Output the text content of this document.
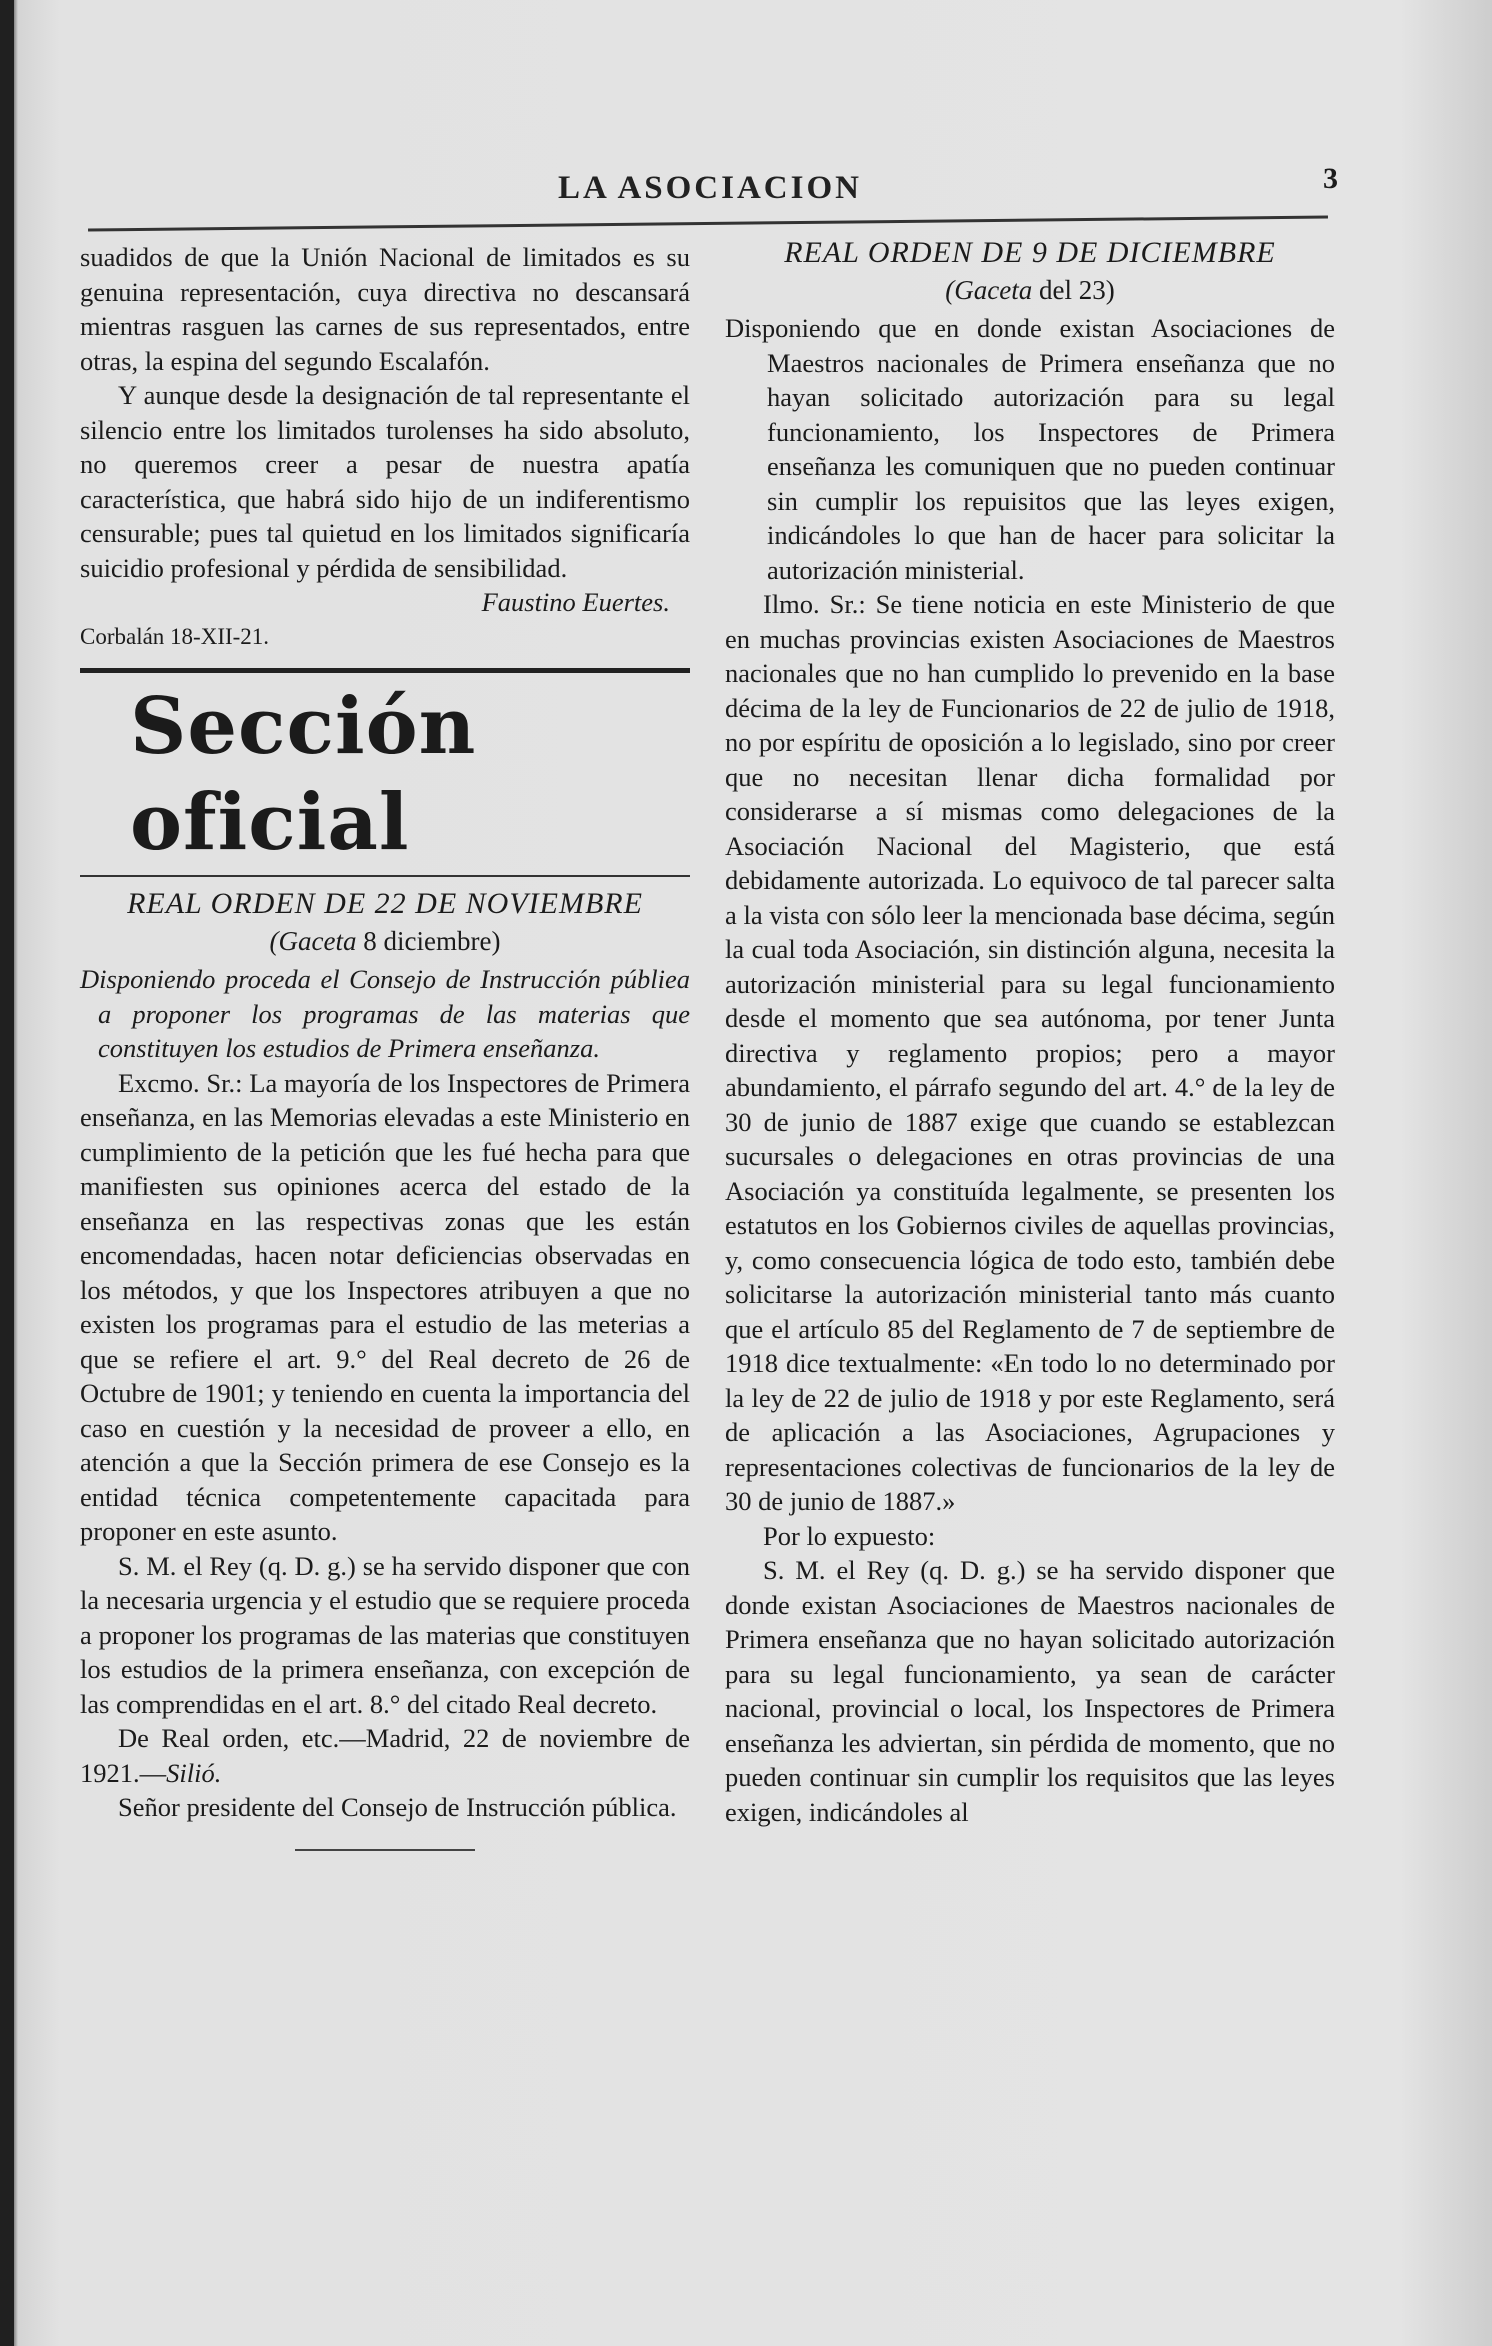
LA ASOCIACION	3

suadidos de que la Unión Nacional de limitados es su genuina representación, cuya directiva no descansará mientras rasguen las carnes de sus representados, entre otras, la espina del segundo Escalafón.

Y aunque desde la designación de tal representante el silencio entre los limitados turolenses ha sido absoluto, no queremos creer a pesar de nuestra apatía característica, que habrá sido hijo de un indiferentismo censurable; pues tal quietud en los limitados significaría suicidio profesional y pérdida de sensibilidad.

Faustino Euertes.

Corbalán 18-XII-21.

Sección oficial
REAL ORDEN DE 22 DE NOVIEMBRE
(Gaceta 8 diciembre)

Disponiendo proceda el Consejo de Instrucción públiea a proponer los programas de las materias que constituyen los estudios de Primera enseñanza.

Excmo. Sr.: La mayoría de los Inspectores de Primera enseñanza, en las Memorias elevadas a este Ministerio en cumplimiento de la petición que les fué hecha para que manifiesten sus opiniones acerca del estado de la enseñanza en las respectivas zonas que les están encomendadas, hacen notar deficiencias observadas en los métodos, y que los Inspectores atribuyen a que no existen los programas para el estudio de las meterias a que se refiere el art. 9.° del Real decreto de 26 de Octubre de 1901; y teniendo en cuenta la importancia del caso en cuestión y la necesidad de proveer a ello, en atención a que la Sección primera de ese Consejo es la entidad técnica competentemente capacitada para proponer en este asunto.

S. M. el Rey (q. D. g.) se ha servido disponer que con la necesaria urgencia y el estudio que se requiere proceda a proponer los programas de las materias que constituyen los estudios de la primera enseñanza, con excepción de las comprendidas en el art. 8.° del citado Real decreto.

De Real orden, etc.—Madrid, 22 de noviembre de 1921.—Silió.

Señor presidente del Consejo de Instrucción pública.

REAL ORDEN DE 9 DE DICIEMBRE
(Gaceta del 23)

Disponiendo que en donde existan Asociaciones de Maestros nacionales de Primera enseñanza que no hayan solicitado autorización para su legal funcionamiento, los Inspectores de Primera enseñanza les comuniquen que no pueden continuar sin cumplir los repuisitos que las leyes exigen, indicándoles lo que han de hacer para solicitar la autorización ministerial.

Ilmo. Sr.: Se tiene noticia en este Ministerio de que en muchas provincias existen Asociaciones de Maestros nacionales que no han cumplido lo prevenido en la base décima de la ley de Funcionarios de 22 de julio de 1918, no por espíritu de oposición a lo legislado, sino por creer que no necesitan llenar dicha formalidad por considerarse a sí mismas como delegaciones de la Asociación Nacional del Magisterio, que está debidamente autorizada. Lo equivoco de tal parecer salta a la vista con sólo leer la mencionada base décima, según la cual toda Asociación, sin distinción alguna, necesita la autorización ministerial para su legal funcionamiento desde el momento que sea autónoma, por tener Junta directiva y reglamento propios; pero a mayor abundamiento, el párrafo segundo del art. 4.° de la ley de 30 de junio de 1887 exige que cuando se establezcan sucursales o delegaciones en otras provincias de una Asociación ya constituída legalmente, se presenten los estatutos en los Gobiernos civiles de aquellas provincias, y, como consecuencia lógica de todo esto, también debe solicitarse la autorización ministerial tanto más cuanto que el artículo 85 del Reglamento de 7 de septiembre de 1918 dice textualmente: «En todo lo no determinado por la ley de 22 de julio de 1918 y por este Reglamento, será de aplicación a las Asociaciones, Agrupaciones y representaciones colectivas de funcionarios de la ley de 30 de junio de 1887.»

Por lo expuesto:

S. M. el Rey (q. D. g.) se ha servido disponer que donde existan Asociaciones de Maestros nacionales de Primera enseñanza que no hayan solicitado autorización para su legal funcionamiento, ya sean de carácter nacional, provincial o local, los Inspectores de Primera enseñanza les adviertan, sin pérdida de momento, que no pueden continuar sin cumplir los requisitos que las leyes exigen, indicándoles al
